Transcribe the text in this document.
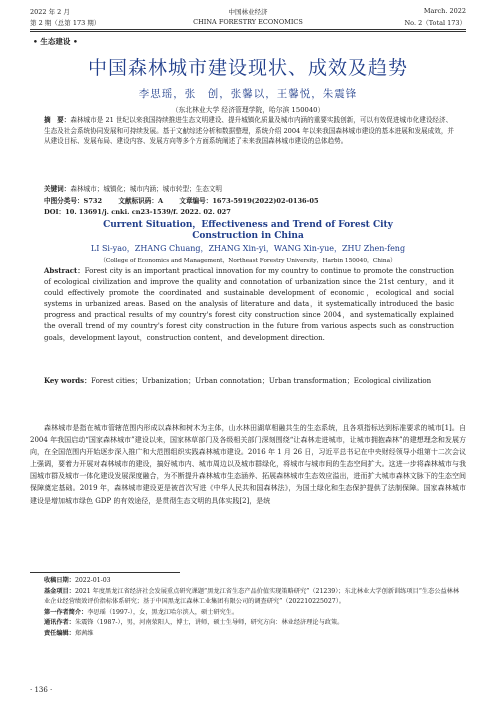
2022 年 2 月	中国林业经济	March. 2022
第 2 期（总第 173 期）	CHINA FORESTRY ECONOMICS	No. 2（Total 173）
• 生态建设 •
中国森林城市建设现状、成效及趋势
李思瑶，张　创，张馨以，王馨悦，朱震锋
（东北林业大学 经济管理学院，哈尔滨 150040）
摘　要：森林城市是 21 世纪以来我国持续推进生态文明建设、提升城镇化质量及城市内涵的重要实践创新，可以有效促进城市化建设经济、生态及社会系统协同发展和可持续发展。基于文献综述分析和数据整理，系统介绍 2004 年以来我国森林城市建设的基本进展和发展成效，并从建设目标、发展布局、建设内容、发展方向等多个方面系统阐述了未来我国森林城市建设的总体趋势。
关键词：森林城市；城镇化；城市内涵；城市转型；生态文明
中图分类号：S732 文献标识码：A 文章编号：1673-5919(2022)02-0136-05
DOI：10. 13691/j. cnki. cn23-1539/f. 2022. 02. 027
Current Situation，Effectiveness and Trend of Forest City
Construction in China
LI Si-yao，ZHANG Chuang，ZHANG Xin-yi，WANG Xin-yue，ZHU Zhen-feng
（College of Economics and Management，Northeast Forestry University，Harbin 150040，China）
Abstract：Forest city is an important practical innovation for my country to continue to promote the construction of ecological civilization and improve the quality and connotation of urbanization since the 21st century，and it could effectively promote the coordinated and sustainable development of economic，ecological and social systems in urbanized areas. Based on the analysis of literature and data，it systematically introduced the basic progress and practical results of my country's forest city construction since 2004，and systematically explained the overall trend of my country's forest city construction in the future from various aspects such as construction goals，development layout，construction content，and development direction.
Key words：Forest cities；Urbanization；Urban connotation；Urban transformation；Ecological civilization
森林城市是指在城市管辖范围内形成以森林和树木为主体，山水林田湖草相融共生的生态系统，且各项指标达到标准要求的城市[1]。自 2004 年我国启动“国家森林城市”建设以来，国家林草部门及各级相关部门深刻围绕“让森林走进城市，让城市拥抱森林”的建想理念和发展方向，在全国范围内开始逐步深入推广和大范围组织实践森林城市建设。2016 年 1 月 26 日，习近平总书记在中央财经领导小组第十二次会议上强调，要着力开展对森林城市的建设，搞好城市内、城市周边以及城市群绿化，将城市与城市间的生态空间扩大。这进一步将森林城市与我国城市群及城市一体化建设发展深度融合，为不断提升森林城市生态涵养、拓展森林城市生态效应溢出，进而扩大城市森林文脉下的生态空间保障奠定基础。2019 年，森林城市建设更是被首次写进《中华人民共和国森林法》，为国土绿化和生态保护提供了法制保障。国家森林城市建设是增加城市绿色 GDP 的有效途径，是贯彻生态文明的具体实践[2]，是统
收稿日期：2022-01-03
基金项目：2021 年度黑龙江省经济社会发展重点研究课题“黑龙江省生态产品价值实现策略研究”（21239）；东北林业大学创新训练项目“生态公益林林业企业经营绩效评价指标体系研究；基于中国黑龙江森林工业集团有限公司的调查研究”（202210225027）。
第一作者简介：李思瑶（1997-），女，黑龙江哈尔滨人，硕士研究生。
通讯作者：朱震锋（1987-），男，河南荥阳人，博士，讲师，硕士生导师，研究方向：林业经济理论与政策。
责任编辑：郑茜维
· 136 ·
